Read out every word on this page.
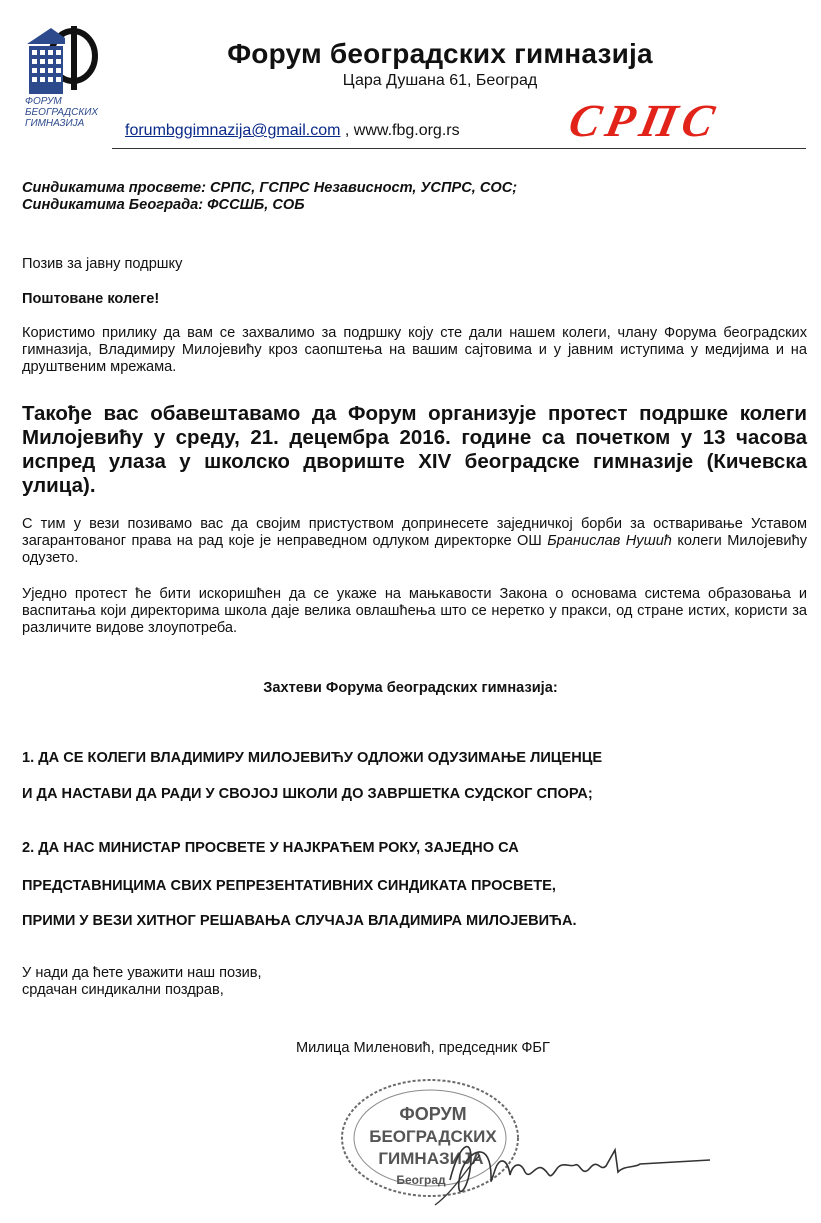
ФОРУМ
БЕОГРАДСКИХ
ГИМНАЗИЈА
Форум београдских гимназија
Цара Душана 61, Београд
forumbggimnazija@gmail.com , www.fbg.org.rs СРПС
Синдикатима просвете: СРПС, ГСПРС Независност, УСПРС, СОС;
Синдикатима Београда: ФССШБ, СОБ
Позив за јавну подршку
Поштоване колеге!
Користимо прилику да вам се захвалимо за подршку коју сте дали нашем колеги, члану Форума београдских гимназија, Владимиру Милојевићу кроз саопштења на вашим сајтовима и у јавним иступима у медијима и на друштвеним мрежама.
Такође вас обавештавамо да Форум организује протест подршке колеги Милојевићу у среду, 21. децембра 2016. године са почетком у 13 часова испред улаза у школско двориште XIV београдске гимназије (Кичевска улица).
С тим у вези позивамо вас да својим пристуством допринесете заједничкој борби за остваривање Уставом загарантованог права на рад које је неправедном одлуком директорке ОШ Бранислав Нушић колеги Милојевићу одузето.
Уједно протест ће бити искоришћен да се укаже на мањкавости Закона о основама система образовања и васпитања који директорима школа даје велика овлашћења што се неретко у пракси, од стране истих, користи за различите видове злоупотреба.
Захтеви Форума београдских гимназија:
1. ДА СЕ КОЛЕГИ ВЛАДИМИРУ МИЛОЈЕВИЋУ ОДЛОЖИ ОДУЗИМАЊЕ ЛИЦЕНЦЕ
И ДА НАСТАВИ ДА РАДИ У СВОЈОЈ ШКОЛИ ДО ЗАВРШЕТКА СУДСКОГ СПОРА;
2. ДА НАС МИНИСТАР ПРОСВЕТЕ У НАЈКРАЋЕМ РОКУ, ЗАЈЕДНО СА
ПРЕДСТАВНИЦИМА СВИХ РЕПРЕЗЕНТАТИВНИХ СИНДИКАТА ПРОСВЕТЕ,
ПРИМИ У ВЕЗИ ХИТНОГ РЕШАВАЊА СЛУЧАЈА ВЛАДИМИРА МИЛОЈЕВИЋА.
У нади да ћете уважити наш позив,
срдачан синдикални поздрав,
Милица Миленовић, председник ФБГ
ФОРУМ
БЕОГРАДСКИХ
ГИМНАЗИЈА
Београд
